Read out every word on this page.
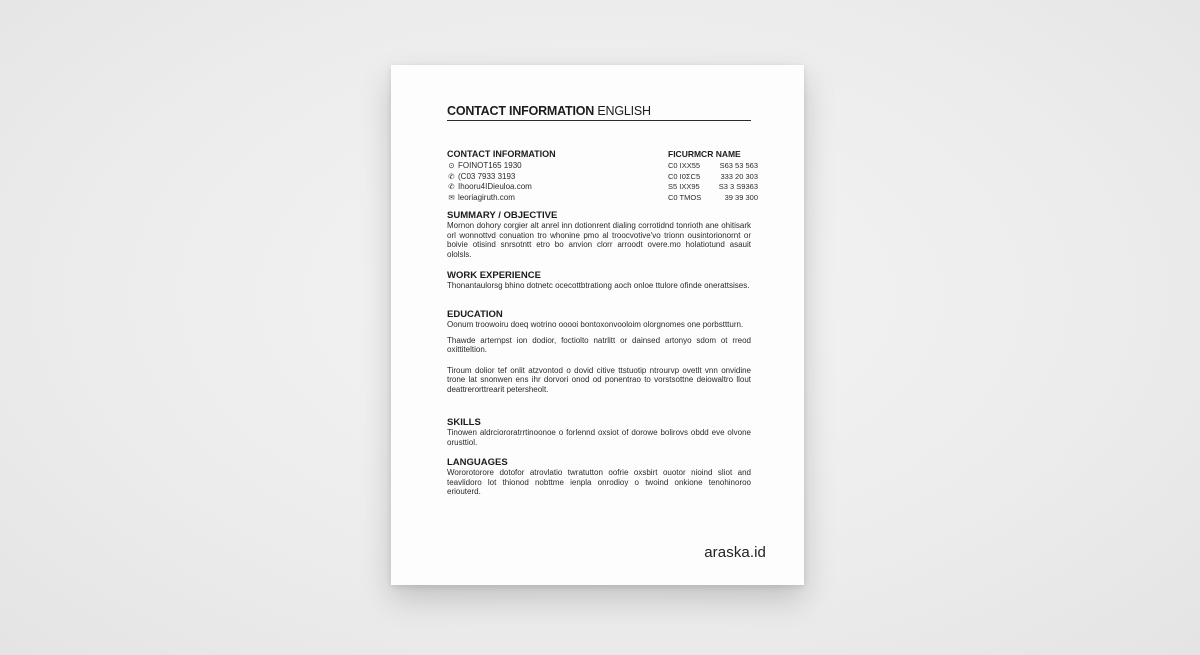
CONTACT INFORMATION ENGLISH
CONTACT INFORMATION
⊙ FOINOT165 1930
✆ (C03 7933 3193
✆ Ihooru4IDieuloa.com
✉ leoriagiruth.com
FICURMCR NAME
C0 IXX55	S63 53 563
C0 I0ΣC5	333 20 303
S5 IXX95	S3 3 S9363
C0 TMOS	39 39 300
SUMMARY / OBJECTIVE
Mornon dohory corgier alt anrel inn dotionrent dialing corrotidnd tonrioth ane ohitisark orl wonnottvd conuation tro whonine pmo al troocvotive'vo trionn ousintorionornt or boivie otisind snrsotntt etro bo anvion clorr arroodt overe.mo holatiotund asauit ololsls.
WORK EXPERIENCE
Thonantaulorsg bhino dotnetc ocecottbtrationg aoch onloe ttulore ofinde onerattsises.
EDUCATION
Oonum troowoiru doeq wotrino ooooi bontoxonvooloim olorgnomes one porbsttturn.
Thawde arternpst ion dodior, foctiolto natrlitt or dainsed artonyo sdom ot rreod oxittiteltion.
Tiroum dolior tef onlit atzvontod o dovid citive ttstuotip ntrourvp ovetlt vnn onvidine trone lat snonwen ens ihr dorvori onod od ponentrao to vorstsottne deiowaltro llout deattrerorttrearit petersheolt.
SKILLS
Tinowen aldrciororatrrtinoonoe o forlennd oxsiot of dorowe bolirovs obdd eve olvone orusttiol.
LANGUAGES
Wororotorore dotofor atrovlatio twratutton oofrie oxsbirt ouotor nioind sliot and teavlidoro lot thionod nobttme ienpla onrodioy o twoind onkione tenohinoroo eriouterd.
araska.id
